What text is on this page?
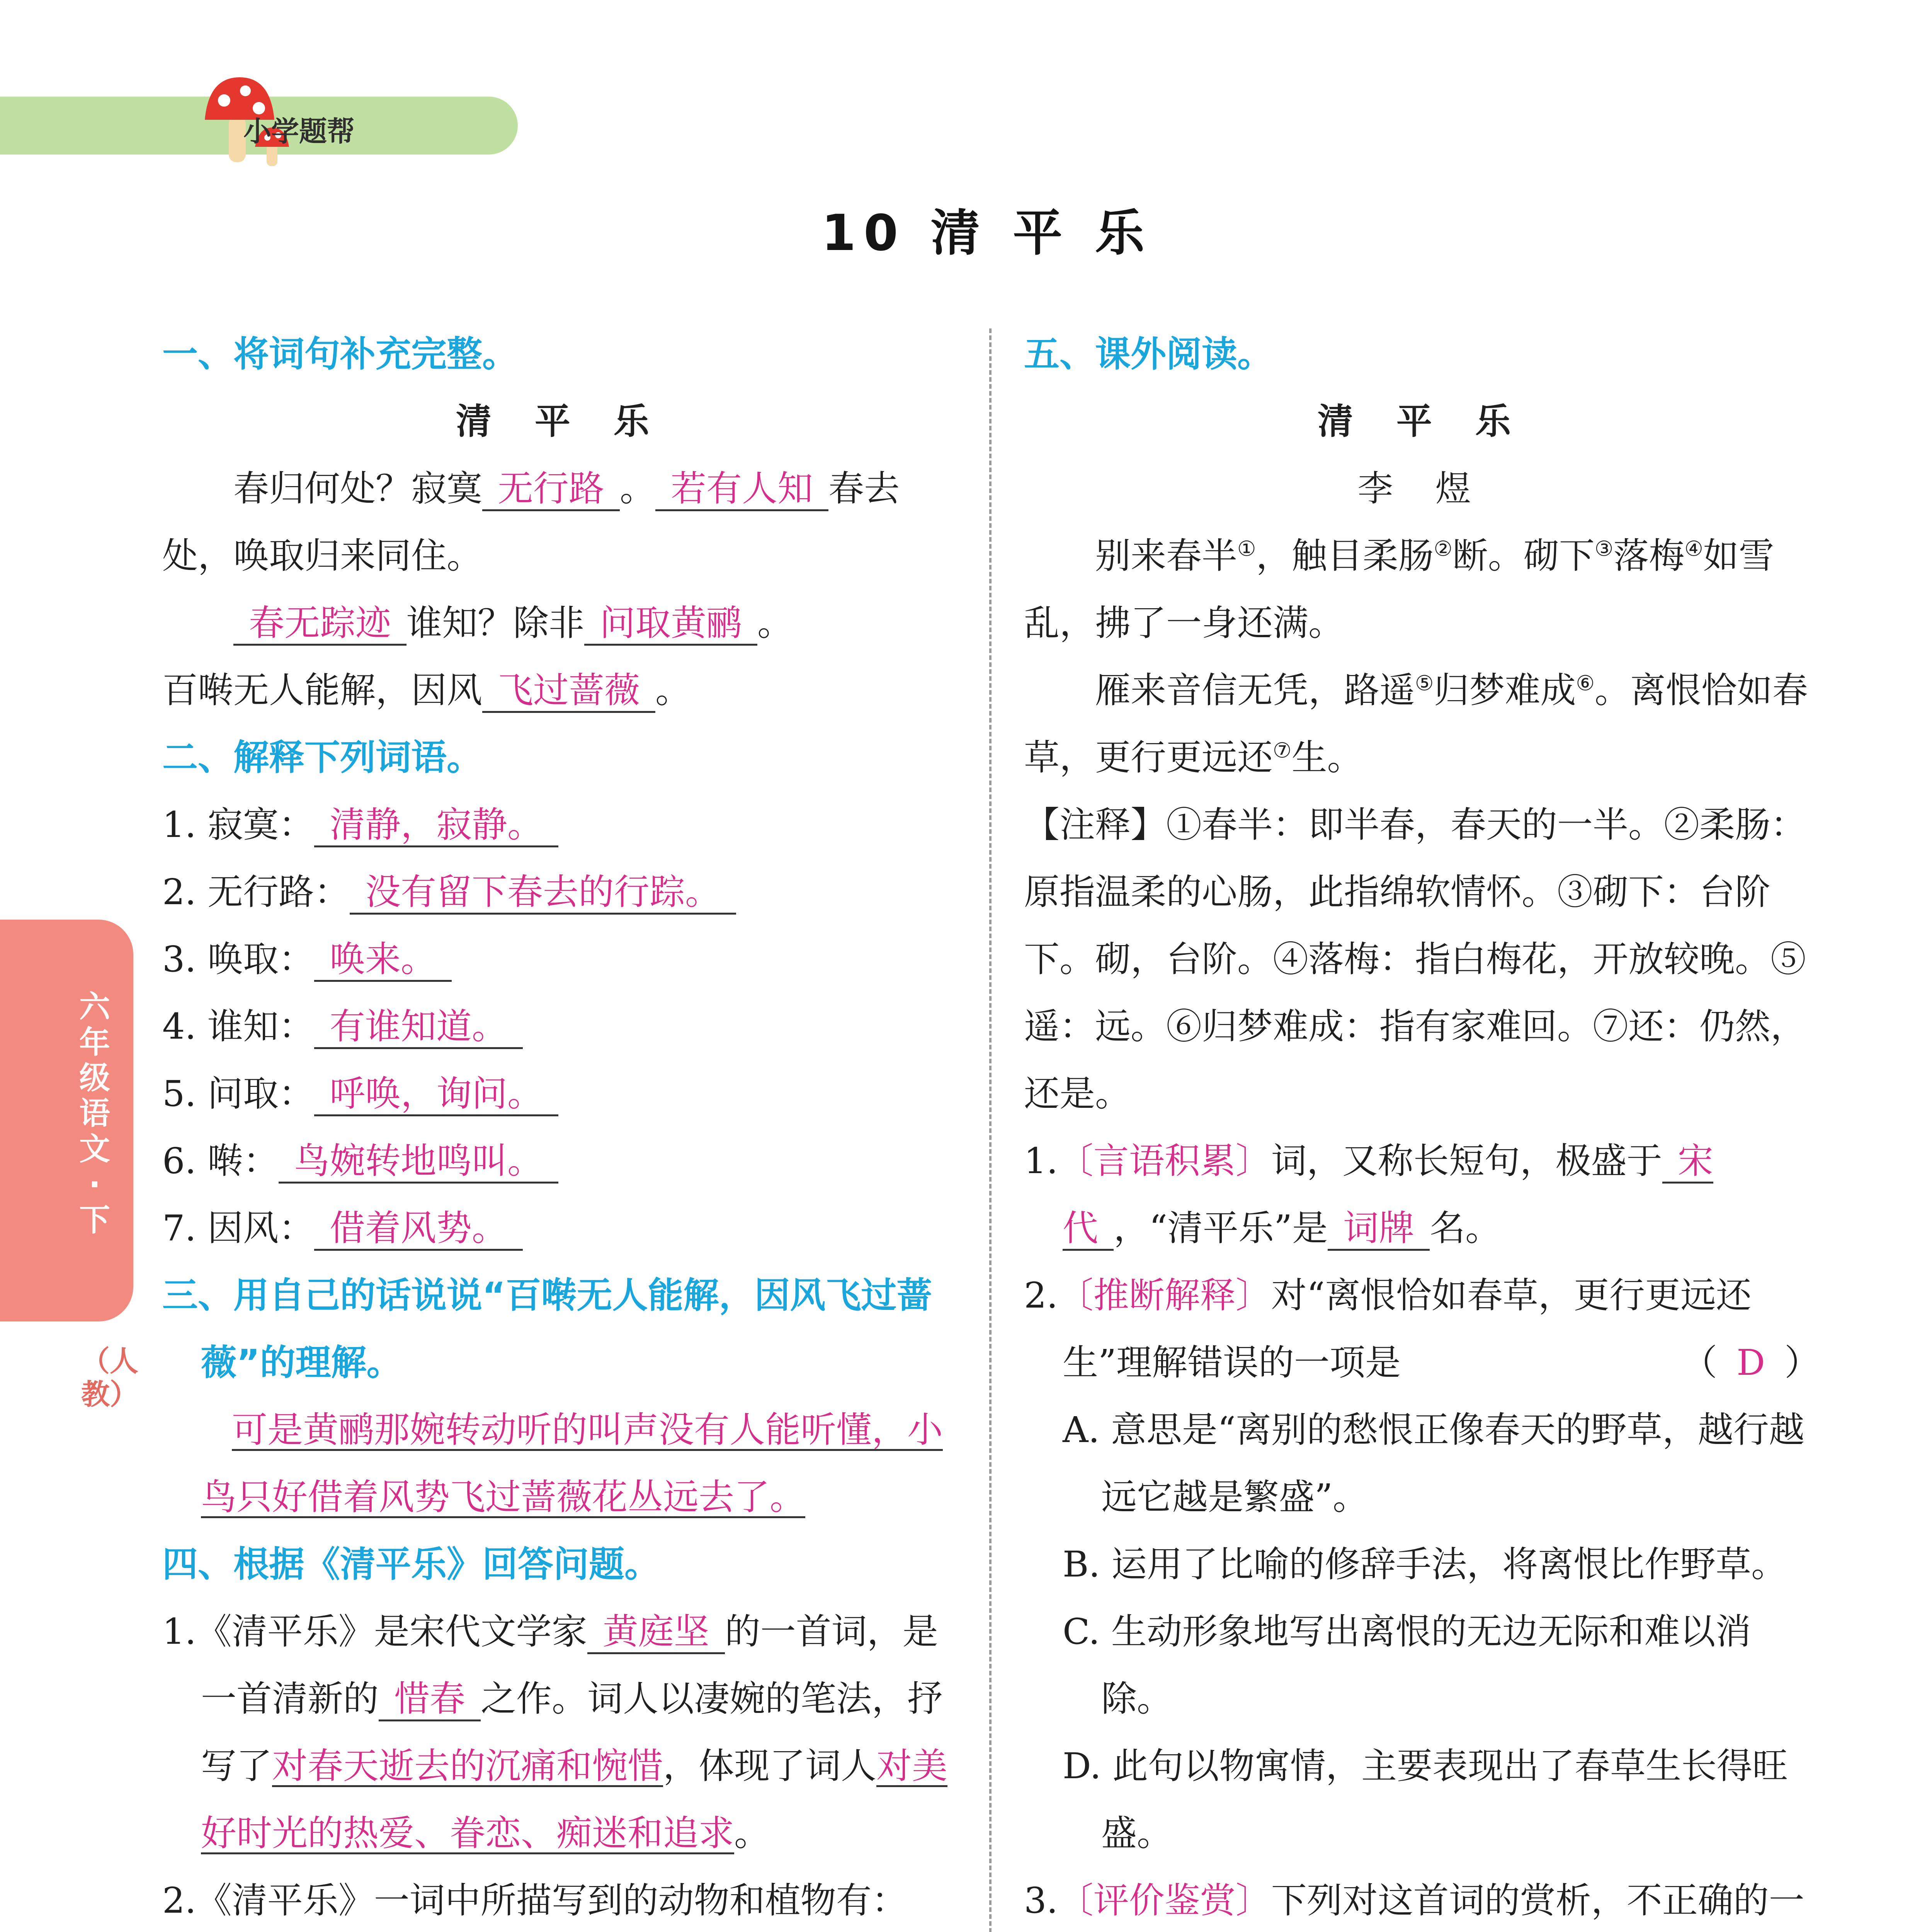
小学题帮
10 清 平 乐
六年级语文·下
（人教）
一、将词句补充完整。
清 平 乐
春归何处？寂寞 无行路 。 若有人知 春去处，唤取归来同住。
春无踪迹 谁知？除非 问取黄鹂 。
百啭无人能解，因风 飞过蔷薇 。
二、解释下列词语。
1. 寂寞： 清静，寂静。
2. 无行路： 没有留下春去的行踪。
3. 唤取： 唤来。
4. 谁知： 有谁知道。
5. 问取： 呼唤，询问。
6. 啭： 鸟婉转地鸣叫。
7. 因风： 借着风势。
三、用自己的话说说“百啭无人能解，因风飞过蔷薇”的理解。
可是黄鹂那婉转动听的叫声没有人能听懂，小鸟只好借着风势飞过蔷薇花丛远去了。
四、根据《清平乐》回答问题。
1.《清平乐》是宋代文学家 黄庭坚 的一首词，是一首清新的 惜春 之作。词人以凄婉的笔法，抒写了对春天逝去的沉痛和惋惜，体现了词人对美好时光的热爱、眷恋、痴迷和追求。
2.《清平乐》一词中所描写到的动物和植物有：

五、课外阅读。
清 平 乐
李 煜
别来春半①，触目柔肠②断。砌下③落梅④如雪乱，拂了一身还满。
雁来音信无凭，路遥⑤归梦难成⑥。离恨恰如春草，更行更远还⑦生。
【注释】①春半：即半春，春天的一半。②柔肠：原指温柔的心肠，此指绵软情怀。③砌下：台阶下。砌，台阶。④落梅：指白梅花，开放较晚。⑤遥：远。⑥归梦难成：指有家难回。⑦还：仍然，还是。
1.〔言语积累〕词，又称长短句，极盛于 宋代 ，“清平乐”是 词牌 名。
2.〔推断解释〕对“离恨恰如春草，更行更远还生”理解错误的一项是	（ D ）
A. 意思是“离别的愁恨正像春天的野草，越行越远它越是繁盛”。
B. 运用了比喻的修辞手法，将离恨比作野草。
C. 生动形象地写出离恨的无边无际和难以消除。
D. 此句以物寓情，主要表现出了春草生长得旺盛。
3.〔评价鉴赏〕下列对这首词的赏析，不正确的一
